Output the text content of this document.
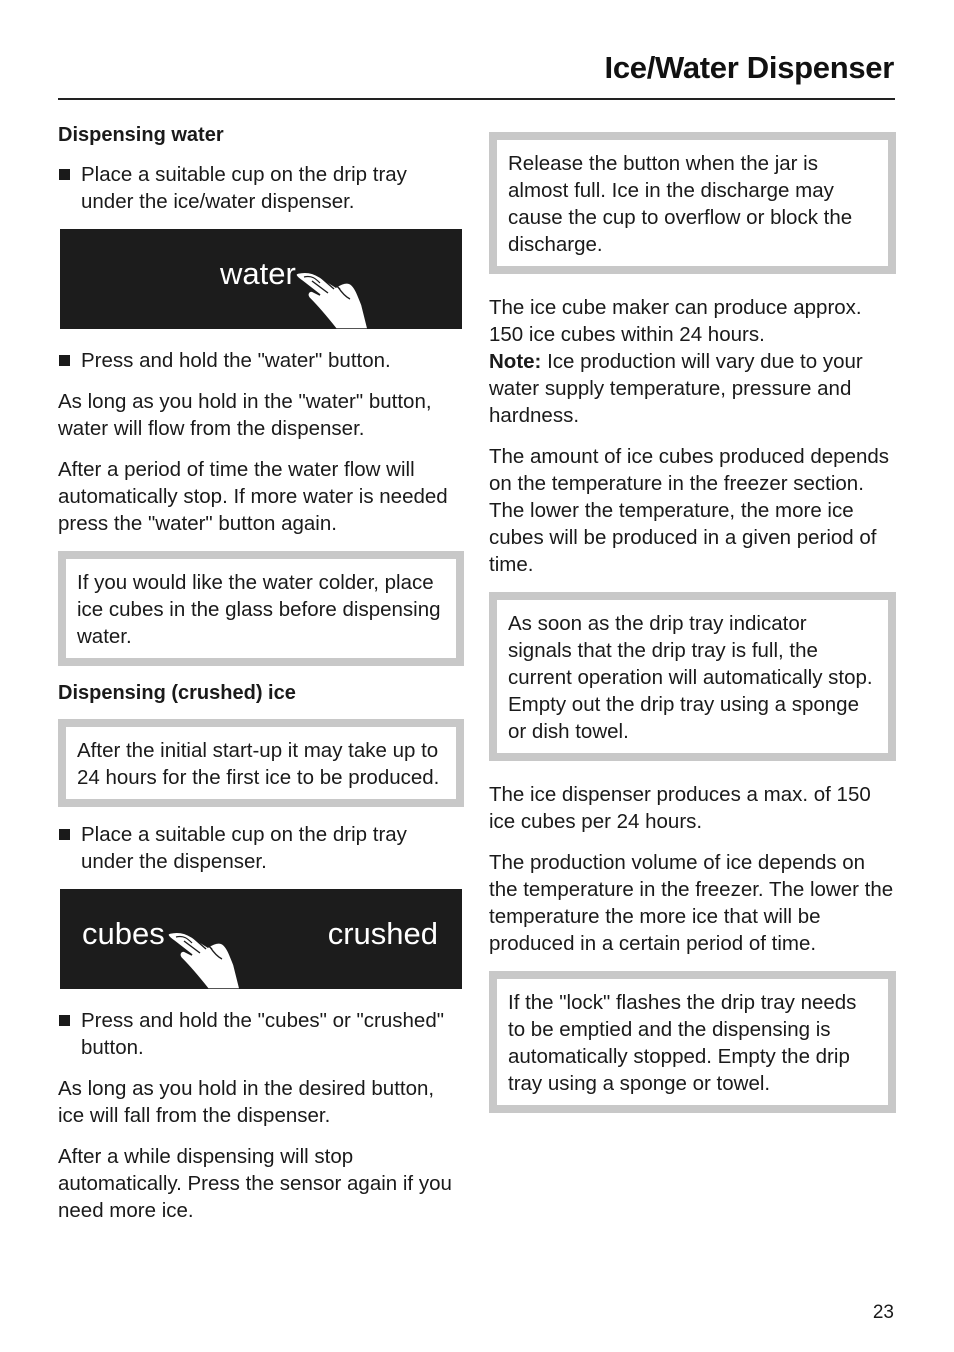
Ice/Water Dispenser
Dispensing water
Place a suitable cup on the drip tray under the ice/water dispenser.
water
Press and hold the "water" button.

As long as you hold in the "water" button, water will flow from the dispenser.

After a period of time the water flow will automatically stop. If more water is needed press the "water" button again.

If you would like the water colder, place ice cubes in the glass before dispensing water.
Dispensing (crushed) ice
After the initial start-up it may take up to 24 hours for the first ice to be produced.
Place a suitable cup on the drip tray under the dispenser.
cubes	crushed
Press and hold the "cubes" or "crushed" button.

As long as you hold in the desired button, ice will fall from the dispenser.

After a while dispensing will stop automatically. Press the sensor again if you need more ice.

Release the button when the jar is almost full. Ice in the discharge may cause the cup to overflow or block the discharge.

The ice cube maker can produce approx. 150 ice cubes within 24 hours.
Note: Ice production will vary due to your water supply temperature, pressure and hardness.

The amount of ice cubes produced depends on the temperature in the freezer section. The lower the temperature, the more ice cubes will be produced in a given period of time.

As soon as the drip tray indicator signals that the drip tray is full, the current operation will automatically stop.
Empty out the drip tray using a sponge or dish towel.

The ice dispenser produces a max. of 150 ice cubes per 24 hours.

The production volume of ice depends on the temperature in the freezer. The lower the temperature the more ice that will be produced in a certain period of time.

If the "lock" flashes the drip tray needs to be emptied and the dispensing is automatically stopped. Empty the drip tray using a sponge or towel.
23
